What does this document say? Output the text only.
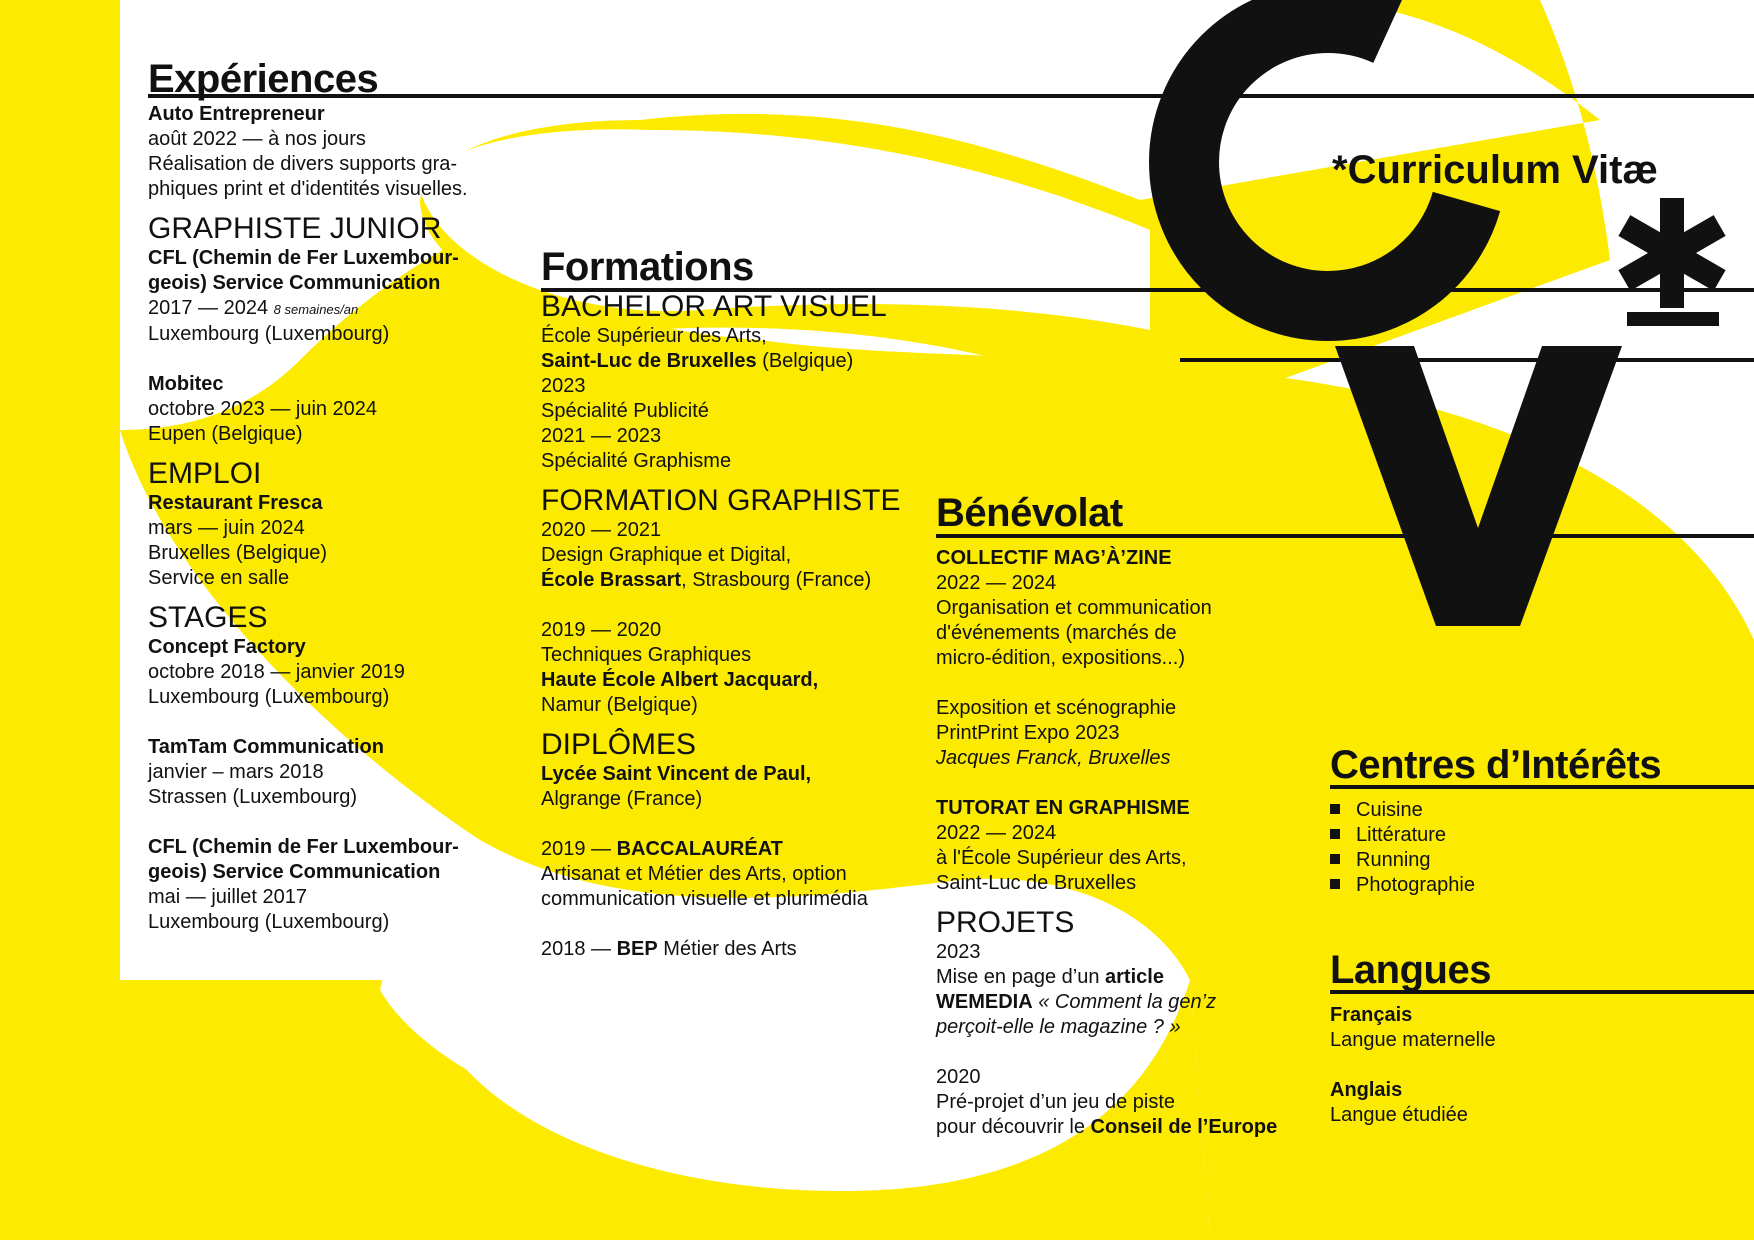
*Curriculum Vitæ
Expériences
Auto Entrepreneur
août 2022 — à nos jours
Réalisation de divers supports gra-
phiques print et d'identités visuelles.
GRAPHISTE JUNIOR
CFL (Chemin de Fer Luxembour-
geois) Service Communication
2017 — 2024 8 semaines/an
Luxembourg (Luxembourg)
Mobitec
octobre 2023 — juin 2024
Eupen (Belgique)
EMPLOI
Restaurant Fresca
mars — juin 2024
Bruxelles (Belgique)
Service en salle
STAGES
Concept Factory
octobre 2018 — janvier 2019
Luxembourg (Luxembourg)
TamTam Communication
janvier – mars 2018
Strassen (Luxembourg)
CFL (Chemin de Fer Luxembour-
geois) Service Communication
mai — juillet 2017
Luxembourg (Luxembourg)
Formations
BACHELOR ART VISUEL
École Supérieur des Arts,
Saint-Luc de Bruxelles (Belgique)
2023
Spécialité Publicité
2021 — 2023
Spécialité Graphisme
FORMATION GRAPHISTE
2020 — 2021
Design Graphique et Digital,
École Brassart, Strasbourg (France)
2019 — 2020
Techniques Graphiques
Haute École Albert Jacquard,
Namur (Belgique)
DIPLÔMES
Lycée Saint Vincent de Paul,
Algrange (France)
2019 — BACCALAURÉAT
Artisanat et Métier des Arts, option
communication visuelle et plurimédia
2018 — BEP Métier des Arts
Bénévolat
COLLECTIF MAG’À’ZINE
2022 — 2024
Organisation et communication
d'événements (marchés de
micro-édition, expositions...)
Exposition et scénographie
PrintPrint Expo 2023
Jacques Franck, Bruxelles
TUTORAT EN GRAPHISME
2022 — 2024
à l'École Supérieur des Arts,
Saint-Luc de Bruxelles
PROJETS
2023
Mise en page d’un article
WEMEDIA « Comment la gen’z
perçoit-elle le magazine ? »
2020
Pré-projet d’un jeu de piste
pour découvrir le Conseil de l’Europe
Centres d’Intérêts
Cuisine
Littérature
Running
Photographie
Langues
Français
Langue maternelle
Anglais
Langue étudiée
